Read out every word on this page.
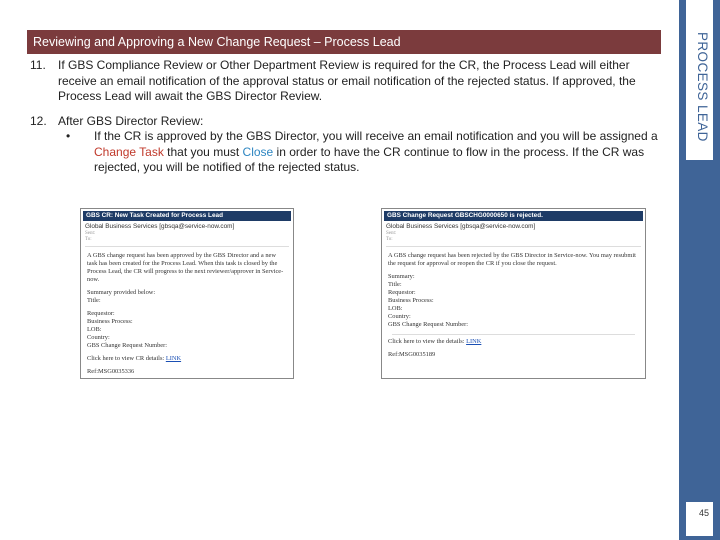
Reviewing and Approving a New Change Request – Process Lead	PROCESS LEAD
11. If GBS Compliance Review or Other Department Review is required for the CR, the Process Lead will either receive an email notification of the approval status or email notification of the rejected status. If approved, the Process Lead will await the GBS Director Review.
12. After GBS Director Review:
• If the CR is approved by the GBS Director, you will receive an email notification and you will be assigned a Change Task that you must Close in order to have the CR continue to flow in the process. If the CR was rejected, you will be notified of the rejected status.
GBS CR: New Task Created for Process Lead
Global Business Services [gbsqa@service-now.com]
Sent:
To:

A GBS change request has been approved by the GBS Director and a new task has been created for the Process Lead. When this task is closed by the Process Lead, the CR will progress to the next reviewer/approver in Service-now.

Summary provided below:
Title:

Requestor:
Business Process:
LOB:
Country:
GBS Change Request Number:

Click here to view CR details: LINK

Ref:MSG0035336

GBS Change Request GBSCHG0000650 is rejected.
Global Business Services [gbsqa@service-now.com]
Sent:
To:

A GBS change request has been rejected by the GBS Director in Service-now. You may resubmit the request for approval or reopen the CR if you close the request.

Summary:
Title:
Requestor:
Business Process:
LOB:
Country:
GBS Change Request Number:

Click here to view the details: LINK

Ref:MSG0035189

45
